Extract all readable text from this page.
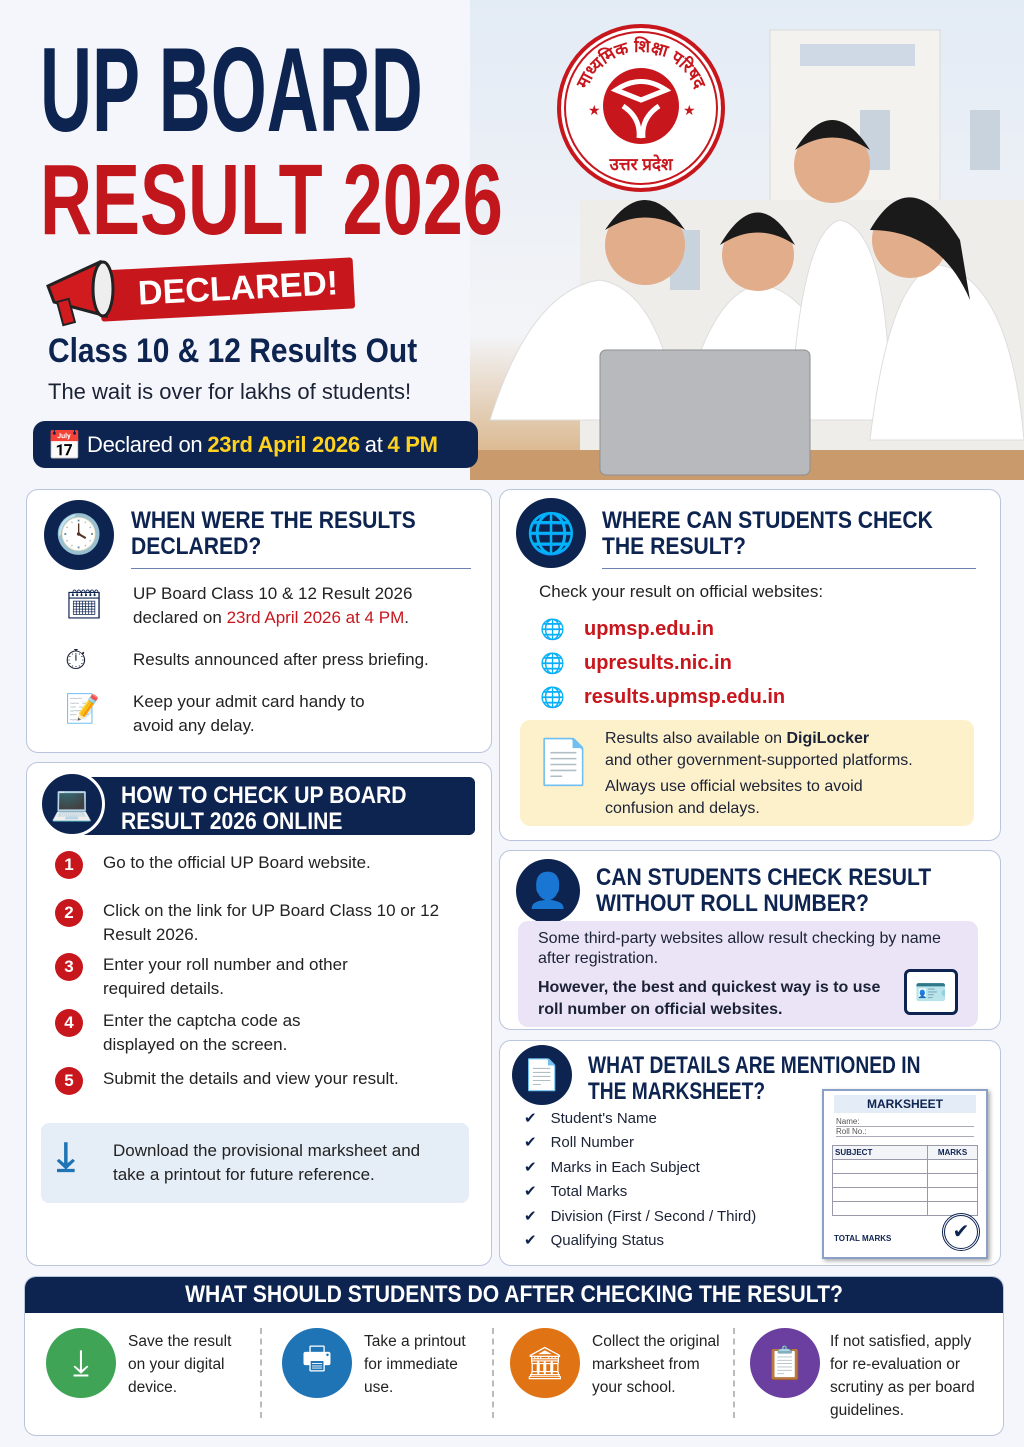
माध्यमिक शिक्षा परिषद
उत्तर प्रदेश
★	★
UP BOARD
RESULT 2026
DECLARED!
Class 10 & 12 Results Out
The wait is over for lakhs of students!
📅 Declared on 23rd April 2026 at 4 PM
🕓	WHEN WERE THE RESULTS DECLARED?
🗓 UP Board Class 10 & 12 Result 2026
declared on 23rd April 2026 at 4 PM.
⏱	Results announced after press briefing.
📝 Keep your admit card handy to avoid any delay.
🌐	WHERE CAN STUDENTS CHECK THE RESULT?
Check your result on official websites:
🌐 upmsp.edu.in
🌐 upresults.nic.in
🌐 results.upmsp.edu.in
📄 Results also available on DigiLocker
and other government-supported platforms.
Always use official websites to avoid confusion and delays.
💻	HOW TO CHECK UP BOARD RESULT 2026 ONLINE
1	Go to the official UP Board website.
2	Click on the link for UP Board Class 10 or 12 Result 2026.
3	Enter your roll number and other required details.
4	Enter the captcha code as displayed on the screen.
5	Submit the details and view your result.
⤓ Download the provisional marksheet and take a printout for future reference.
👤	CAN STUDENTS CHECK RESULT WITHOUT ROLL NUMBER?
Some third-party websites allow result checking by name after registration.
However, the best and quickest way is to use roll number on official websites.
🪪
📄	WHAT DETAILS ARE MENTIONED IN THE MARKSHEET?
✔ Student's Name
✔ Roll Number
✔ Marks in Each Subject
✔ Total Marks
✔ Division (First / Second / Third)
✔ Qualifying Status
MARKSHEET
Name:
Roll No.:
SUBJECT	MARKS

TOTAL MARKS	✔
WHAT SHOULD STUDENTS DO AFTER CHECKING THE RESULT?
⤓	Save the result on your digital device.
🖶	Take a printout for immediate use.
🏛
Collect the original marksheet from your school.
📋
If not satisfied, apply for re-evaluation or scrutiny as per board guidelines.
